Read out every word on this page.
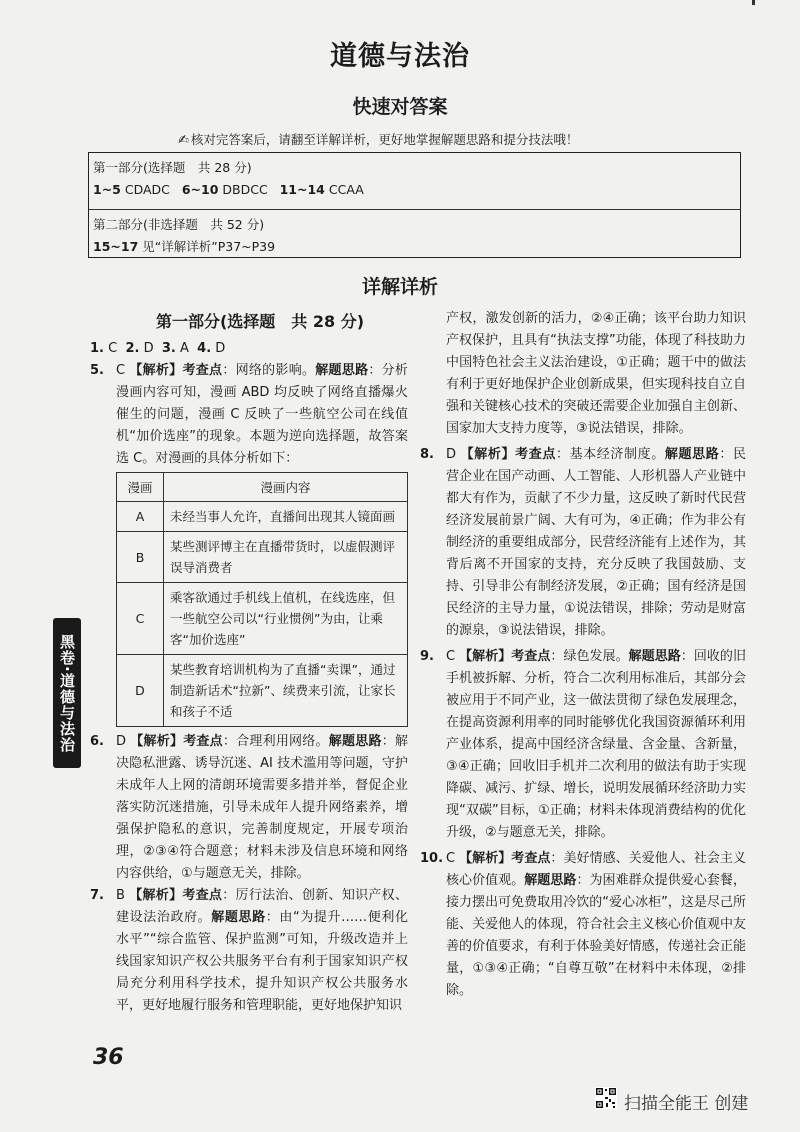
道德与法治
快速对答案
✍ 核对完答案后，请翻至详解详析，更好地掌握解题思路和提分技法哦！
第一部分(选择题　共 28 分)
1~5 CDADC 6~10 DBDCC 11~14 CCAA
第二部分(非选择题　共 52 分)
15~17 见“详解详析”P37~P39
详解详析
第一部分(选择题　共 28 分)
1. C 2. D 3. A 4. D
5. C 【解析】考查点：网络的影响。解题思路：分析漫画内容可知，漫画 ABD 均反映了网络直播爆火催生的问题，漫画 C 反映了一些航空公司在线值机“加价选座”的现象。本题为逆向选择题，故答案选 C。对漫画的具体分析如下：
漫画	漫画内容
A	未经当事人允许，直播间出现其人镜面画
B	某些测评博主在直播带货时，以虚假测评误导消费者
C	乘客欲通过手机线上值机，在线选座，但一些航空公司以“行业惯例”为由，让乘客“加价选座”
D	某些教育培训机构为了直播“卖课”，通过制造新话术“拉新”、续费来引流，让家长和孩子不适
6. D 【解析】考查点：合理利用网络。解题思路：解决隐私泄露、诱导沉迷、AI 技术滥用等问题，守护未成年人上网的清朗环境需要多措并举，督促企业落实防沉迷措施，引导未成年人提升网络素养，增强保护隐私的意识，完善制度规定，开展专项治理，②③④符合题意；材料未涉及信息环境和网络内容供给，①与题意无关，排除。
7. B 【解析】考查点：厉行法治、创新、知识产权、建设法治政府。解题思路：由“为提升……便利化水平”“综合监管、保护监测”可知，升级改造并上线国家知识产权公共服务平台有利于国家知识产权局充分利用科学技术，提升知识产权公共服务水平，更好地履行服务和管理职能，更好地保护知识
产权，激发创新的活力，②④正确；该平台助力知识产权保护，且具有“执法支撑”功能，体现了科技助力中国特色社会主义法治建设，①正确；题干中的做法有利于更好地保护企业创新成果，但实现科技自立自强和关键核心技术的突破还需要企业加强自主创新、国家加大支持力度等，③说法错误，排除。
8. D 【解析】考查点：基本经济制度。解题思路：民营企业在国产动画、人工智能、人形机器人产业链中都大有作为，贡献了不少力量，这反映了新时代民营经济发展前景广阔、大有可为，④正确；作为非公有制经济的重要组成部分，民营经济能有上述作为，其背后离不开国家的支持，充分反映了我国鼓励、支持、引导非公有制经济发展，②正确；国有经济是国民经济的主导力量，①说法错误，排除；劳动是财富的源泉，③说法错误，排除。
9. C 【解析】考查点：绿色发展。解题思路：回收的旧手机被拆解、分析，符合二次利用标准后，其部分会被应用于不同产业，这一做法贯彻了绿色发展理念，在提高资源利用率的同时能够优化我国资源循环利用产业体系，提高中国经济含绿量、含金量、含新量，③④正确；回收旧手机并二次利用的做法有助于实现降碳、减污、扩绿、增长，说明发展循环经济助力实现“双碳”目标，①正确；材料未体现消费结构的优化升级，②与题意无关，排除。
10. C 【解析】考查点：美好情感、关爱他人、社会主义核心价值观。解题思路：为困难群众提供爱心套餐，接力摆出可免费取用冷饮的“爱心冰柜”，这是尽己所能、关爱他人的体现，符合社会主义核心价值观中友善的价值要求，有利于体验美好情感，传递社会正能量，①③④正确；“自尊互敬”在材料中未体现，②排除。
黑卷·道德与法治
36
扫描全能王 创建
